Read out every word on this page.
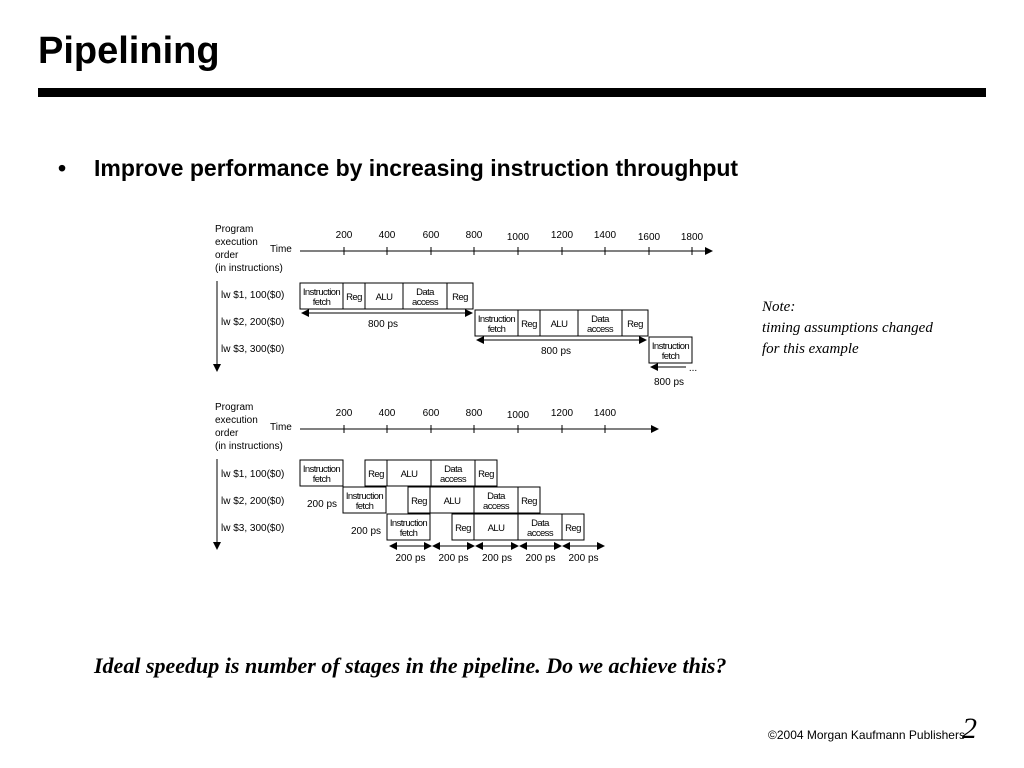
Pipelining
• Improve performance by increasing instruction throughput
Program
execution
order
(in instructions)
Time
200	400	600	800 1000 1200 1400 1600 1800
lw $1, 100($0)
lw $2, 200($0)
lw $3, 300($0)
Instruction
fetch Reg ALU	Data
access Reg
Instruction
fetch Reg ALU	Data
access Reg
Instruction
fetch
...
800 ps
800 ps
800 ps
Program
execution
order
(in instructions)
Time
200	400	600	800 1000 1200 1400
lw $1, 100($0)
lw $2, 200($0)
lw $3, 300($0)
Instruction
fetch	Reg ALU	Data
access Reg
Instruction
fetch	Reg ALU	Data
access Reg
Instruction
fetch	Reg ALU	Data
access Reg
200 ps
200 ps
200 ps 200 ps 200 ps 200 ps 200 ps
Note:
timing assumptions changed
for this example
Ideal speedup is number of stages in the pipeline. Do we achieve this?
©2004 Morgan Kaufmann Publishers
2
